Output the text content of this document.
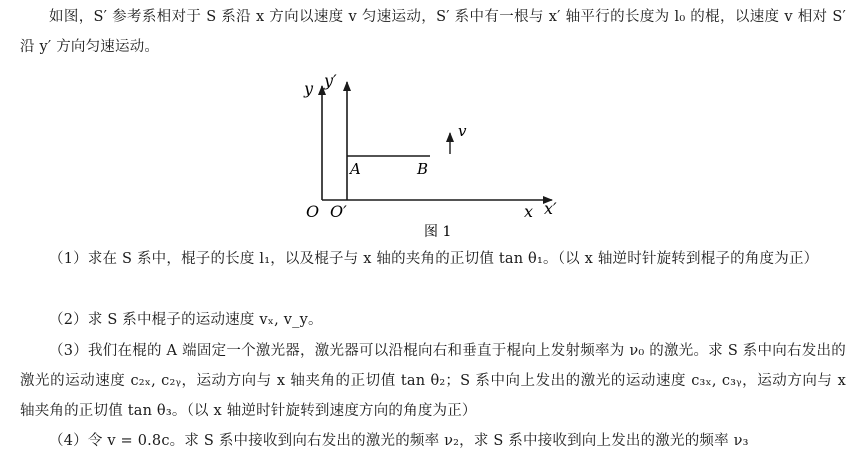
如图，S′ 参考系相对于 S 系沿 x 方向以速度 v 匀速运动，S′ 系中有一根与 x′ 轴平行的长度为 l₀ 的棍，以速度 v 相对 S′ 沿 y′ 方向匀速运动。

y y′
v
A	B
O O′	x x′
图 1

（1）求在 S 系中，棍子的长度 l₁，以及棍子与 x 轴的夹角的正切值 tan θ₁。（以 x 轴逆时针旋转到棍子的角度为正）

（2）求 S 系中棍子的运动速度 vₓ, v_y。

（3）我们在棍的 A 端固定一个激光器，激光器可以沿棍向右和垂直于棍向上发射频率为 ν₀ 的激光。求 S 系中向右发出的激光的运动速度 c₂ₓ, c₂ᵧ，运动方向与 x 轴夹角的正切值 tan θ₂；S 系中向上发出的激光的运动速度 c₃ₓ, c₃ᵧ，运动方向与 x 轴夹角的正切值 tan θ₃。（以 x 轴逆时针旋转到速度方向的角度为正）

（4）令 v = 0.8c。求 S 系中接收到向右发出的激光的频率 ν₂，求 S 系中接收到向上发出的激光的频率 ν₃
